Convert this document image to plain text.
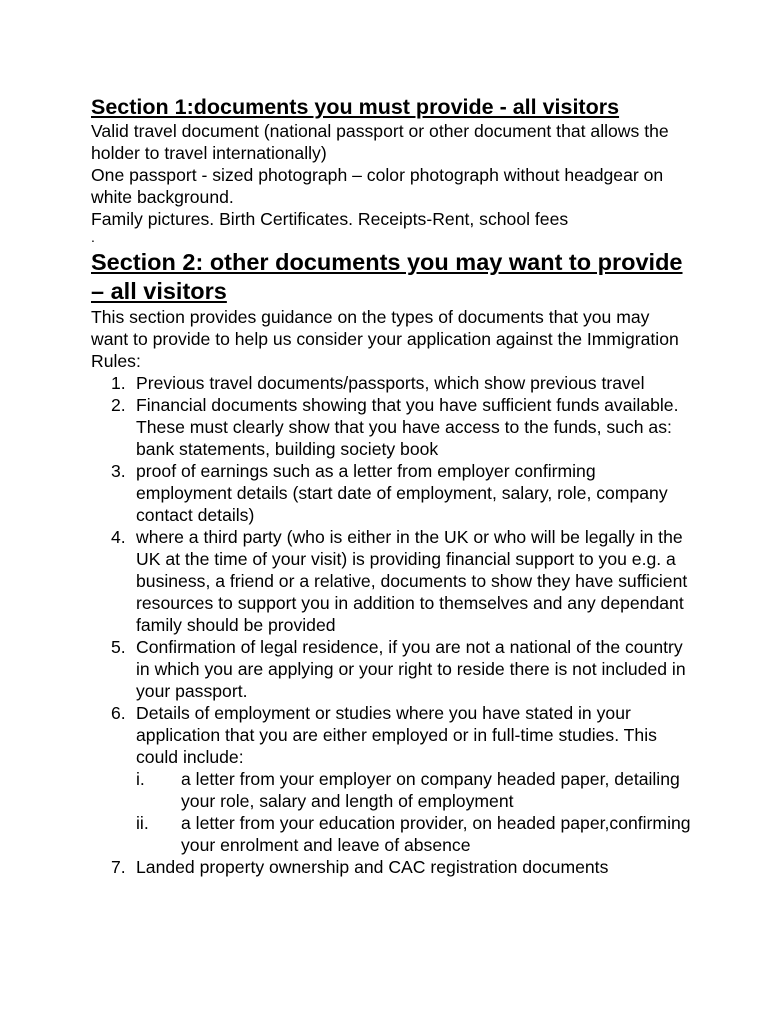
Section 1:documents you must provide - all visitors

Valid travel document (national passport or other document that allows the holder to travel internationally)

One passport - sized photograph – color photograph without headgear on white background.

Family pictures. Birth Certificates. Receipts-Rent, school fees

.

Section 2: other documents you may want to provide – all visitors

This section provides guidance on the types of documents that you may want to provide to help us consider your application against the Immigration Rules:

1. Previous travel documents/passports, which show previous travel
2. Financial documents showing that you have sufficient funds available. These must clearly show that you have access to the funds, such as: bank statements, building society book
3. proof of earnings such as a letter from employer confirming employment details (start date of employment, salary, role, company contact details)
4. where a third party (who is either in the UK or who will be legally in the UK at the time of your visit) is providing financial support to you e.g. a business, a friend or a relative, documents to show they have sufficient resources to support you in addition to themselves and any dependant family should be provided
5. Confirmation of legal residence, if you are not a national of the country in which you are applying or your right to reside there is not included in your passport.
6. Details of employment or studies where you have stated in your application that you are either employed or in full-time studies. This could include:
i. a letter from your employer on company headed paper, detailing your role, salary and length of employment
ii. a letter from your education provider, on headed paper,confirming your enrolment and leave of absence
7. Landed property ownership and CAC registration documents
